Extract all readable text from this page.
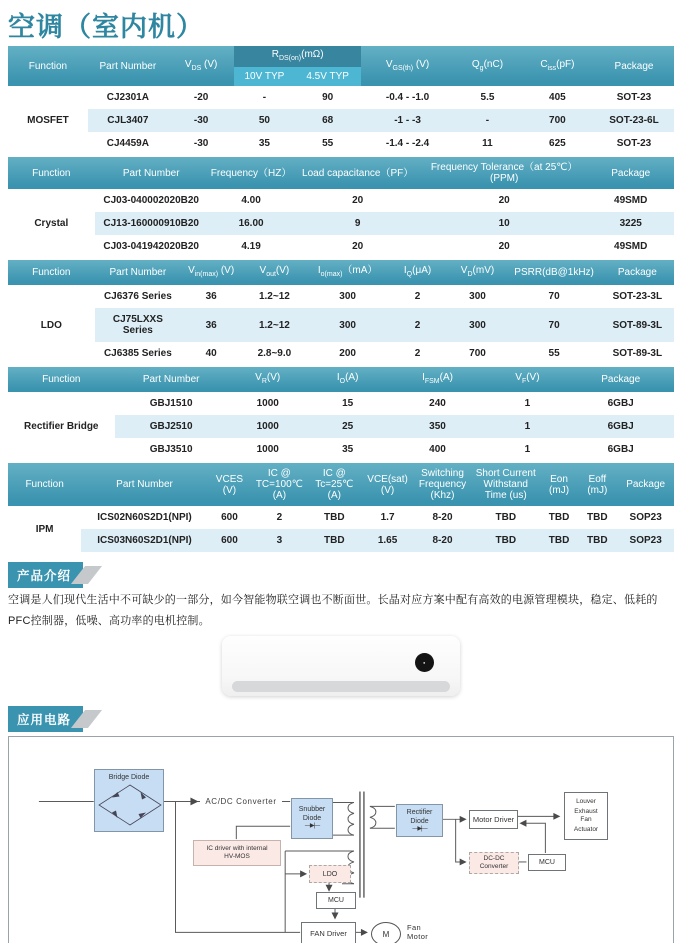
空调（室内机）
Function	Part Number	$V_{DS}$ (V)	$R_{DS(on)}(m\Omega)$		$V_{GS(th)}$ (V)	$Q_g(nC)$	$C_{iss}(pF)$	Package
			10V TYP	4.5V TYP				
MOSFET	CJ2301A	-20	-	90	-0.4 - -1.0	5.5	405	SOT-23
	CJL3407	-30	50	68	-1 - -3	-	700	SOT-23-6L
	CJ4459A	-30	35	55	-1.4 - -2.4	11	625	SOT-23
Function	Part Number	Frequency（HZ）	Load capacitance（PF）	Frequency Tolerance（at 25℃）(PPM)	Package
Crystal	CJ03-040002020B20	4.00	20	20	49SMD
	CJ13-160000910B20	16.00	9	10	3225
	CJ03-041942020B20	4.19	20	20	49SMD
Function	Part Number	$V_{in(max)}$ (V)	$V_{out}(V)$	$I_{o(max)}(mA)$	$I_Q(\mu A)$	$V_D(mV)$	PSRR(dB@1kHz)	Package
LDO	CJ6376 Series	36	1.2~12	300	2	300	70	SOT-23-3L
	CJ75LXXS Series	36	1.2~12	300	2	300	70	SOT-89-3L
	CJ6385 Series	40	2.8~9.0	200	2	700	55	SOT-89-3L
Function	Part Number	$V_R(V)$	$I_O(A)$	$I_{FSM}(A)$	$V_F(V)$	Package
Rectifier Bridge	GBJ1510	1000	15	240	1	6GBJ
	GBJ2510	1000	25	350	1	6GBJ
	GBJ3510	1000	35	400	1	6GBJ
Function	Part Number	VCES (V)	IC @ TC=100℃ (A)	IC @ Tc=25℃ (A)	VCE(sat) (V)	Switching Frequency (Khz)	Short Current Withstand Time (us)	Eon (mJ)	Eoff (mJ)	Package
IPM	ICS02N60S2D1(NPI)	600	2	TBD	1.7	8-20	TBD	TBD	TBD	SOP23
	ICS03N60S2D1(NPI)	600	3	TBD	1.65	8-20	TBD	TBD	TBD	SOP23
产品介绍
空调是人们现代生活中不可缺少的一部分，如今智能物联空调也不断面世。长晶对应方案中配有高效的电源管理模块，稳定、低耗的PFC控制器，低噪、高功率的电机控制。
●
应用电路
Bridge Diode
AC/DC Converter
Snubber
Diode
—▶|—
IC driver with internal
HV-MOS
Rectifier
Diode
—▶|—
Motor Driver
Louver
Exhaust
Fan
Actuator
DC-DC
Converter
MCU
LDO
MCU
FAN Driver	M
Fan
Motor
